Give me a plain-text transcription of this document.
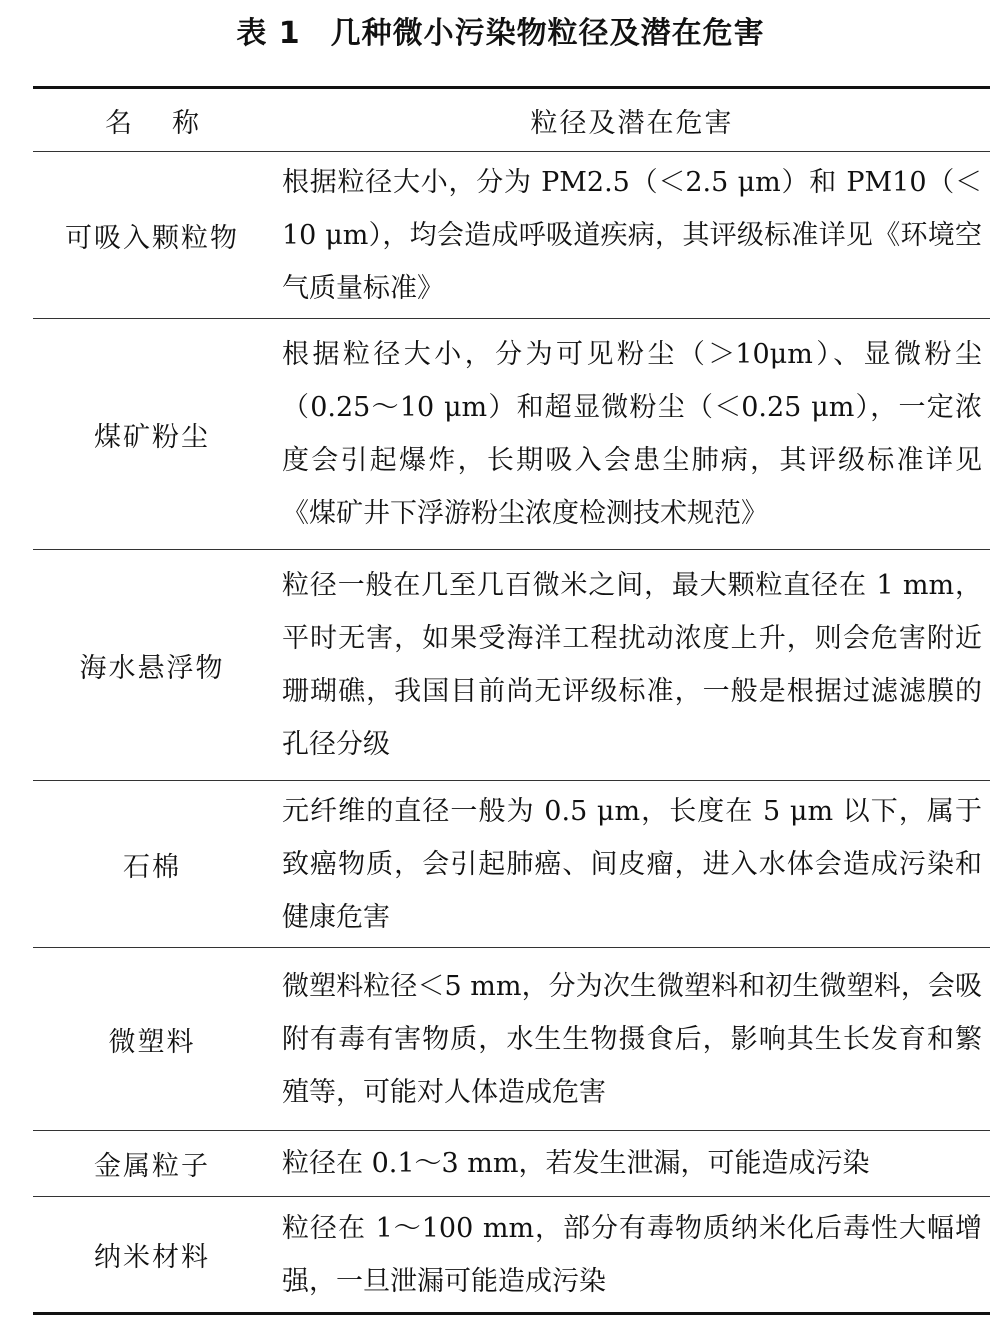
表 1 几种微小污染物粒径及潜在危害
名称	粒径及潜在危害
可吸入颗粒物
根据粒径大小，分为 PM2.5（＜2.5 μm）和 PM10（＜10 μm），均会造成呼吸道疾病，其评级标准详见《环境空气质量标准》
煤矿粉尘
根据粒径大小，分为可见粉尘（＞10μm）、显微粉尘（0.25～10 μm）和超显微粉尘（＜0.25 μm），一定浓度会引起爆炸，长期吸入会患尘肺病，其评级标准详见《煤矿井下浮游粉尘浓度检测技术规范》
海水悬浮物
粒径一般在几至几百微米之间，最大颗粒直径在 1 mm，平时无害，如果受海洋工程扰动浓度上升，则会危害附近珊瑚礁，我国目前尚无评级标准，一般是根据过滤滤膜的孔径分级
石棉
元纤维的直径一般为 0.5 μm，长度在 5 μm 以下，属于致癌物质，会引起肺癌、间皮瘤，进入水体会造成污染和健康危害
微塑料
微塑料粒径＜5 mm，分为次生微塑料和初生微塑料，会吸附有毒有害物质，水生生物摄食后，影响其生长发育和繁殖等，可能对人体造成危害
金属粒子	粒径在 0.1～3 mm，若发生泄漏，可能造成污染
纳米材料
粒径在 1～100 mm，部分有毒物质纳米化后毒性大幅增强，一旦泄漏可能造成污染
